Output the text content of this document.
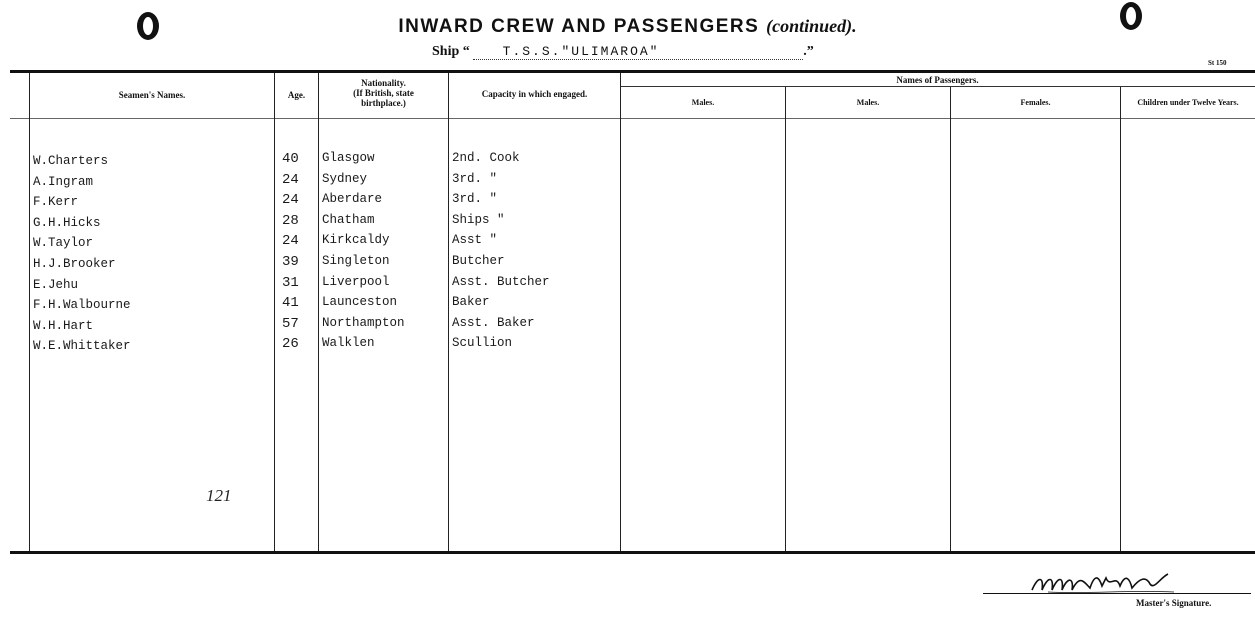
INWARD CREW AND PASSENGERS (continued).
Ship “	T.S.S."ULIMAROA"	.”
St 150
Seamen's Names.	Age.
Nationality.
(If British, state birthplace.)
Capacity in which engaged.
Names of Passengers.
Males.	Males.	Females.	Children under Twelve Years.
W.Charters	40 Glasgow	2nd. Cook
A.Ingram	24 Sydney	3rd. "
F.Kerr	24 Aberdare	3rd. "
G.H.Hicks	28 Chatham	Ships "
W.Taylor	24 Kirkcaldy	Asst "
H.J.Brooker	39 Singleton	Butcher
E.Jehu	31 Liverpool	Asst. Butcher
F.H.Walbourne	41 Launceston	Baker
W.H.Hart	57 Northampton	Asst. Baker
W.E.Whittaker	26 Walklen	Scullion
121
Master's Signature.
